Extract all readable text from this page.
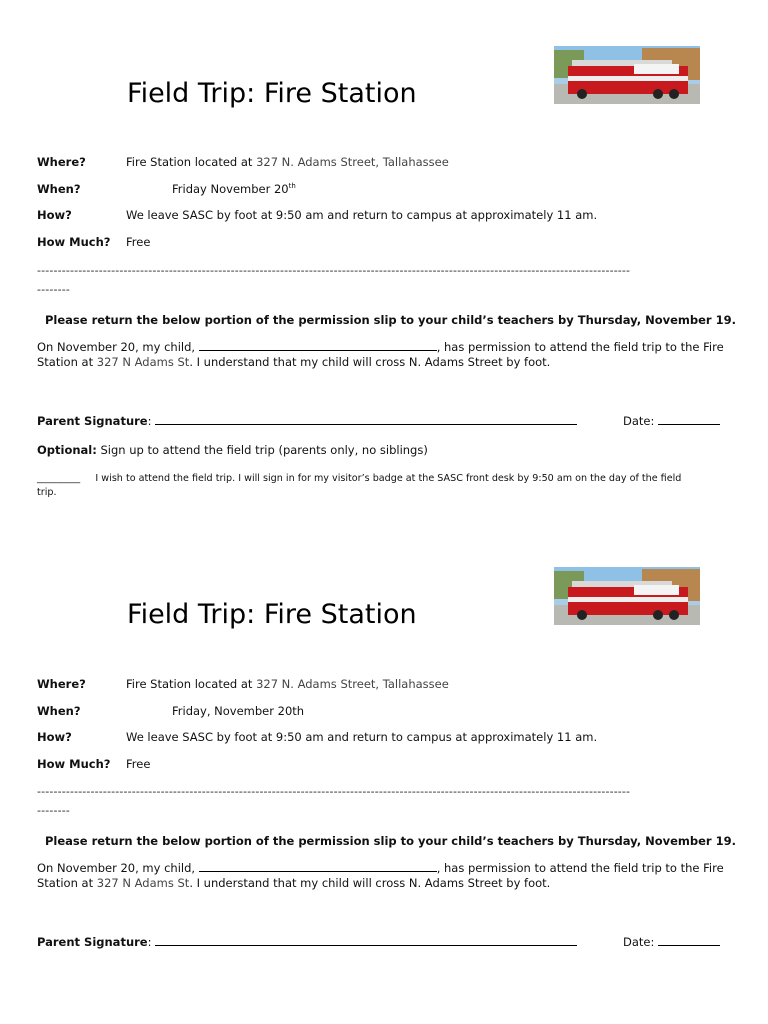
Field Trip: Fire Station
Where?	Fire Station located at 327 N. Adams Street, Tallahassee
When?	Friday November 20th
How?	We leave SASC by foot at 9:50 am and return to campus at approximately 11 am.
How Much? Free
------------------------------------------------------------------------------------------------------------------------------------------------
--------
Please return the below portion of the permission slip to your child’s teachers by Thursday, November 19.
On November 20, my child,	, has permission to attend the field trip to the Fire
Station at 327 N Adams St. I understand that my child will cross N. Adams Street by foot.
Parent Signature:	Date:
Optional: Sign up to attend the field trip (parents only, no siblings)
_________ I wish to attend the field trip. I will sign in for my visitor’s badge at the SASC front desk by 9:50 am on the day of the field
trip.
Field Trip: Fire Station
Where?	Fire Station located at 327 N. Adams Street, Tallahassee
When?	Friday, November 20th
How?	We leave SASC by foot at 9:50 am and return to campus at approximately 11 am.
How Much? Free
------------------------------------------------------------------------------------------------------------------------------------------------
--------
Please return the below portion of the permission slip to your child’s teachers by Thursday, November 19.
On November 20, my child,	, has permission to attend the field trip to the Fire
Station at 327 N Adams St. I understand that my child will cross N. Adams Street by foot.
Parent Signature:	Date:
